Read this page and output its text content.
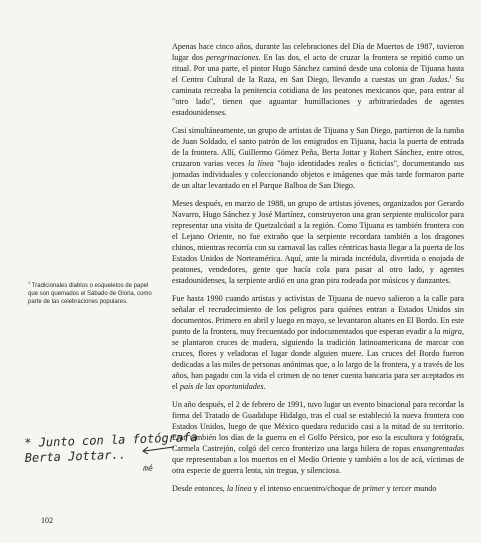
Apenas hace cinco años, durante las celebraciones del Día de Muertos de 1987, tuvieron lugar dos peregrinaciones. En las dos, el acto de cruzar la frontera se repitió como un ritual. Por una parte, el pintor Hugo Sánchez caminó desde una colonia de Tijuana hasta el Centro Cultural de la Raza, en San Diego, llevando a cuestas un gran Judas.$^1$ Su caminata recreaba la penitencia cotidiana de los peatones mexicanos que, para entrar al "otro lado", tienen que aguantar humillaciones y arbitrariedades de agentes estadounidenses.

Casi simultáneamente, un grupo de artistas de Tijuana y San Diego, partieron de la tumba de Juan Soldado, el santo patrón de los emigrados en Tijuana, hacia la puerta de entrada de la frontera. Allí, Guillermo Gómez Peña, Berta Jottar y Robert Sánchez, entre otros, cruzaron varias veces la línea "bajo identidades reales o ficticias", documentando sus jornadas individuales y coleccionando objetos e imágenes que más tarde formaron parte de un altar levantado en el Parque Balboa de San Diego.

Meses después, en marzo de 1988, un grupo de artistas jóvenes, organizados por Gerardo Navarro, Hugo Sánchez y José Martínez, construyeron una gran serpiente multicolor para representar una visita de Quetzalcóatl a la región. Como Tijuana es también frontera con el Lejano Oriente, no fue extraño que la serpiente recordara también a los dragones chinos, mientras recorría con su carnaval las calles céntricas hasta llegar a la puerta de los Estados Unidos de Norteamérica. Aquí, ante la mirada incrédula, divertida o enojada de peatones, vendedores, gente que hacía cola para pasar al otro lado, y agentes estadounidenses, la serpiente ardió en una gran pira rodeada por músicos y danzantes.

Fue hasta 1990 cuando artistas y activistas de Tijuana de nuevo salieron a la calle para señalar el recrudecimiento de los peligros para quiénes entran a Estados Unidos sin documentos. Primero en abril y luego en mayo, se levantaron altares en El Bordo. En este punto de la frontera, muy frecuentado por indocumentados que esperan evadir a la migra, se plantaron cruces de madera, siguiendo la tradición latinoamericana de marcar con cruces, flores y veladoras el lugar donde alguien muere. Las cruces del Bordo fueron dedicadas a las miles de personas anónimas que, a lo largo de la frontera, y a través de los años, han pagado con la vida el crimen de no tener cuenta bancaria para ser aceptados en el país de las oportunidades.

Un año después, el 2 de febrero de 1991, tuvo lugar un evento binacional para recordar la firma del Tratado de Guadalupe Hidalgo, tras el cual se estableció la nueva frontera con Estados Unidos, luego de que México quedara reducido casi a la mitad de su territorio. Eran también los días de la guerra en el Golfo Pérsico, por eso la escultora y fotógrafa, Carmela Castrejón, colgó del cerco fronterizo una larga hilera de ropas ensangrentadas que representaban a los muertos en el Medio Oriente y también a los de acá, víctimas de otra especie de guerra lenta, sin tregua, y silenciosa.

Desde entonces, la línea y el intenso encuentro/choque de primer y tercer mundo

$^1$ Tradicionales diablos o esqueletos de papel que son quemados el Sábado de Gloria, como parte de las celebraciones populares.
* Junto con la fotógrafa
Berta Jottar..
mé
102
